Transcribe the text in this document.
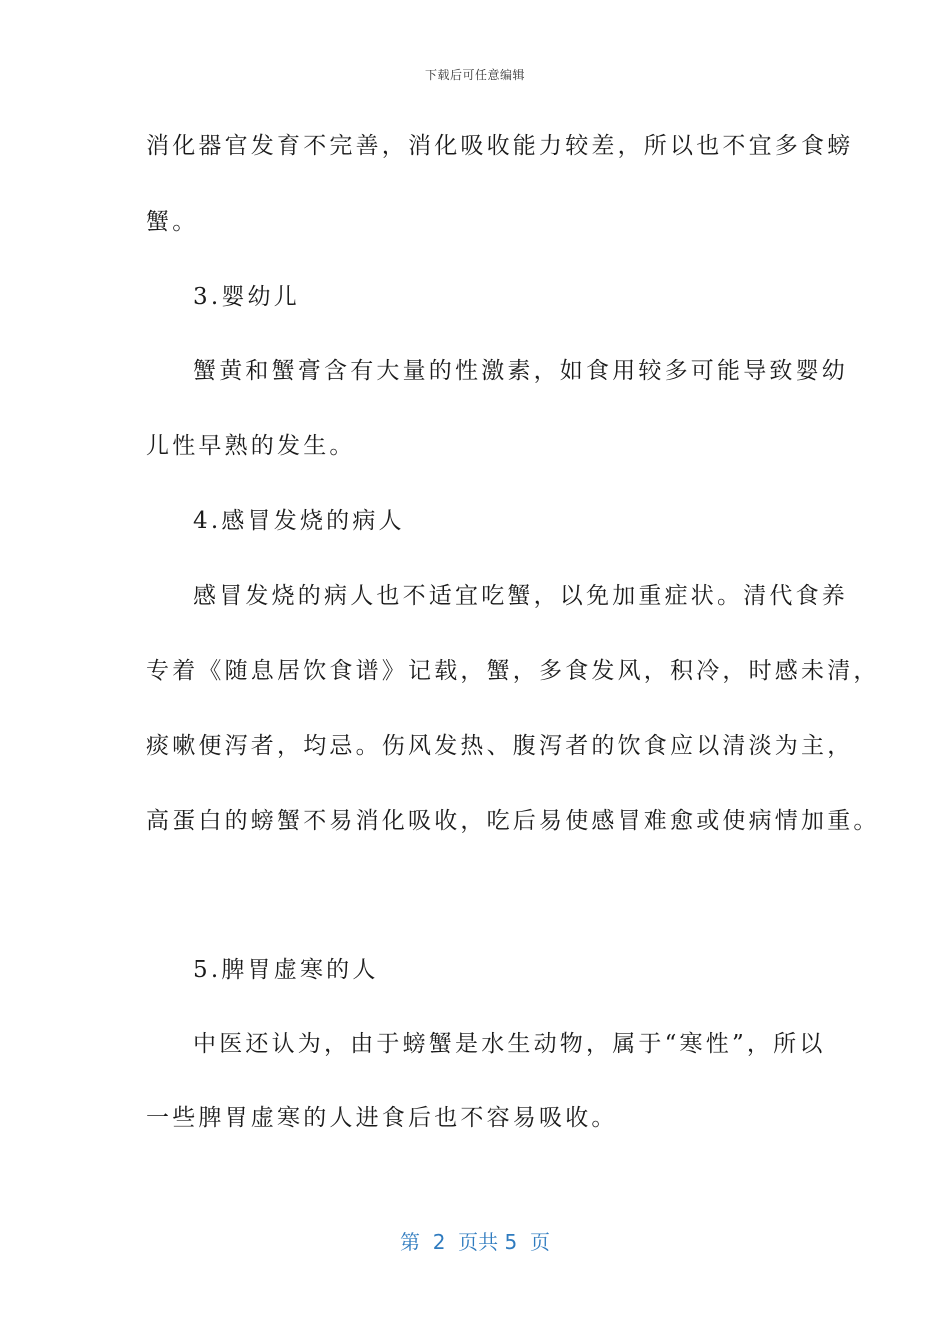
下载后可任意编辑
消化器官发育不完善，消化吸收能力较差，所以也不宜多食螃
蟹。
3.婴幼儿
蟹黄和蟹膏含有大量的性激素，如食用较多可能导致婴幼
儿性早熟的发生。
4.感冒发烧的病人
感冒发烧的病人也不适宜吃蟹，以免加重症状。清代食养
专着《随息居饮食谱》记载，蟹，多食发风，积冷，时感未清，
痰嗽便泻者，均忌。伤风发热、腹泻者的饮食应以清淡为主，
高蛋白的螃蟹不易消化吸收，吃后易使感冒难愈或使病情加重。
5.脾胃虚寒的人
中医还认为，由于螃蟹是水生动物，属于“寒性”，所以
一些脾胃虚寒的人进食后也不容易吸收。
第  2  页共 5  页
